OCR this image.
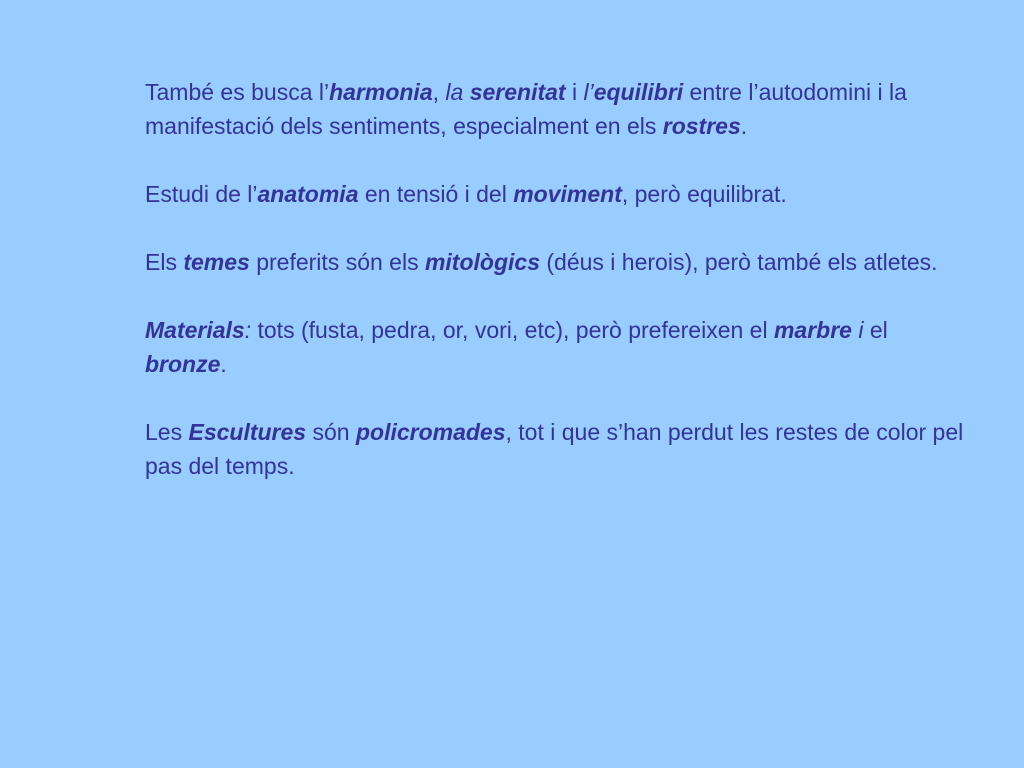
També es busca l’harmonia, la serenitat i l’equilibri entre l’autodomini i la manifestació dels sentiments, especialment en els rostres.

Estudi de l’anatomia en tensió i del moviment, però equilibrat.

Els temes preferits són els mitològics (déus i herois), però també els atletes.

Materials: tots (fusta, pedra, or, vori, etc), però prefereixen el marbre i el bronze.

Les Escultures són policromades, tot i que s’han perdut les restes de color pel pas del temps.
